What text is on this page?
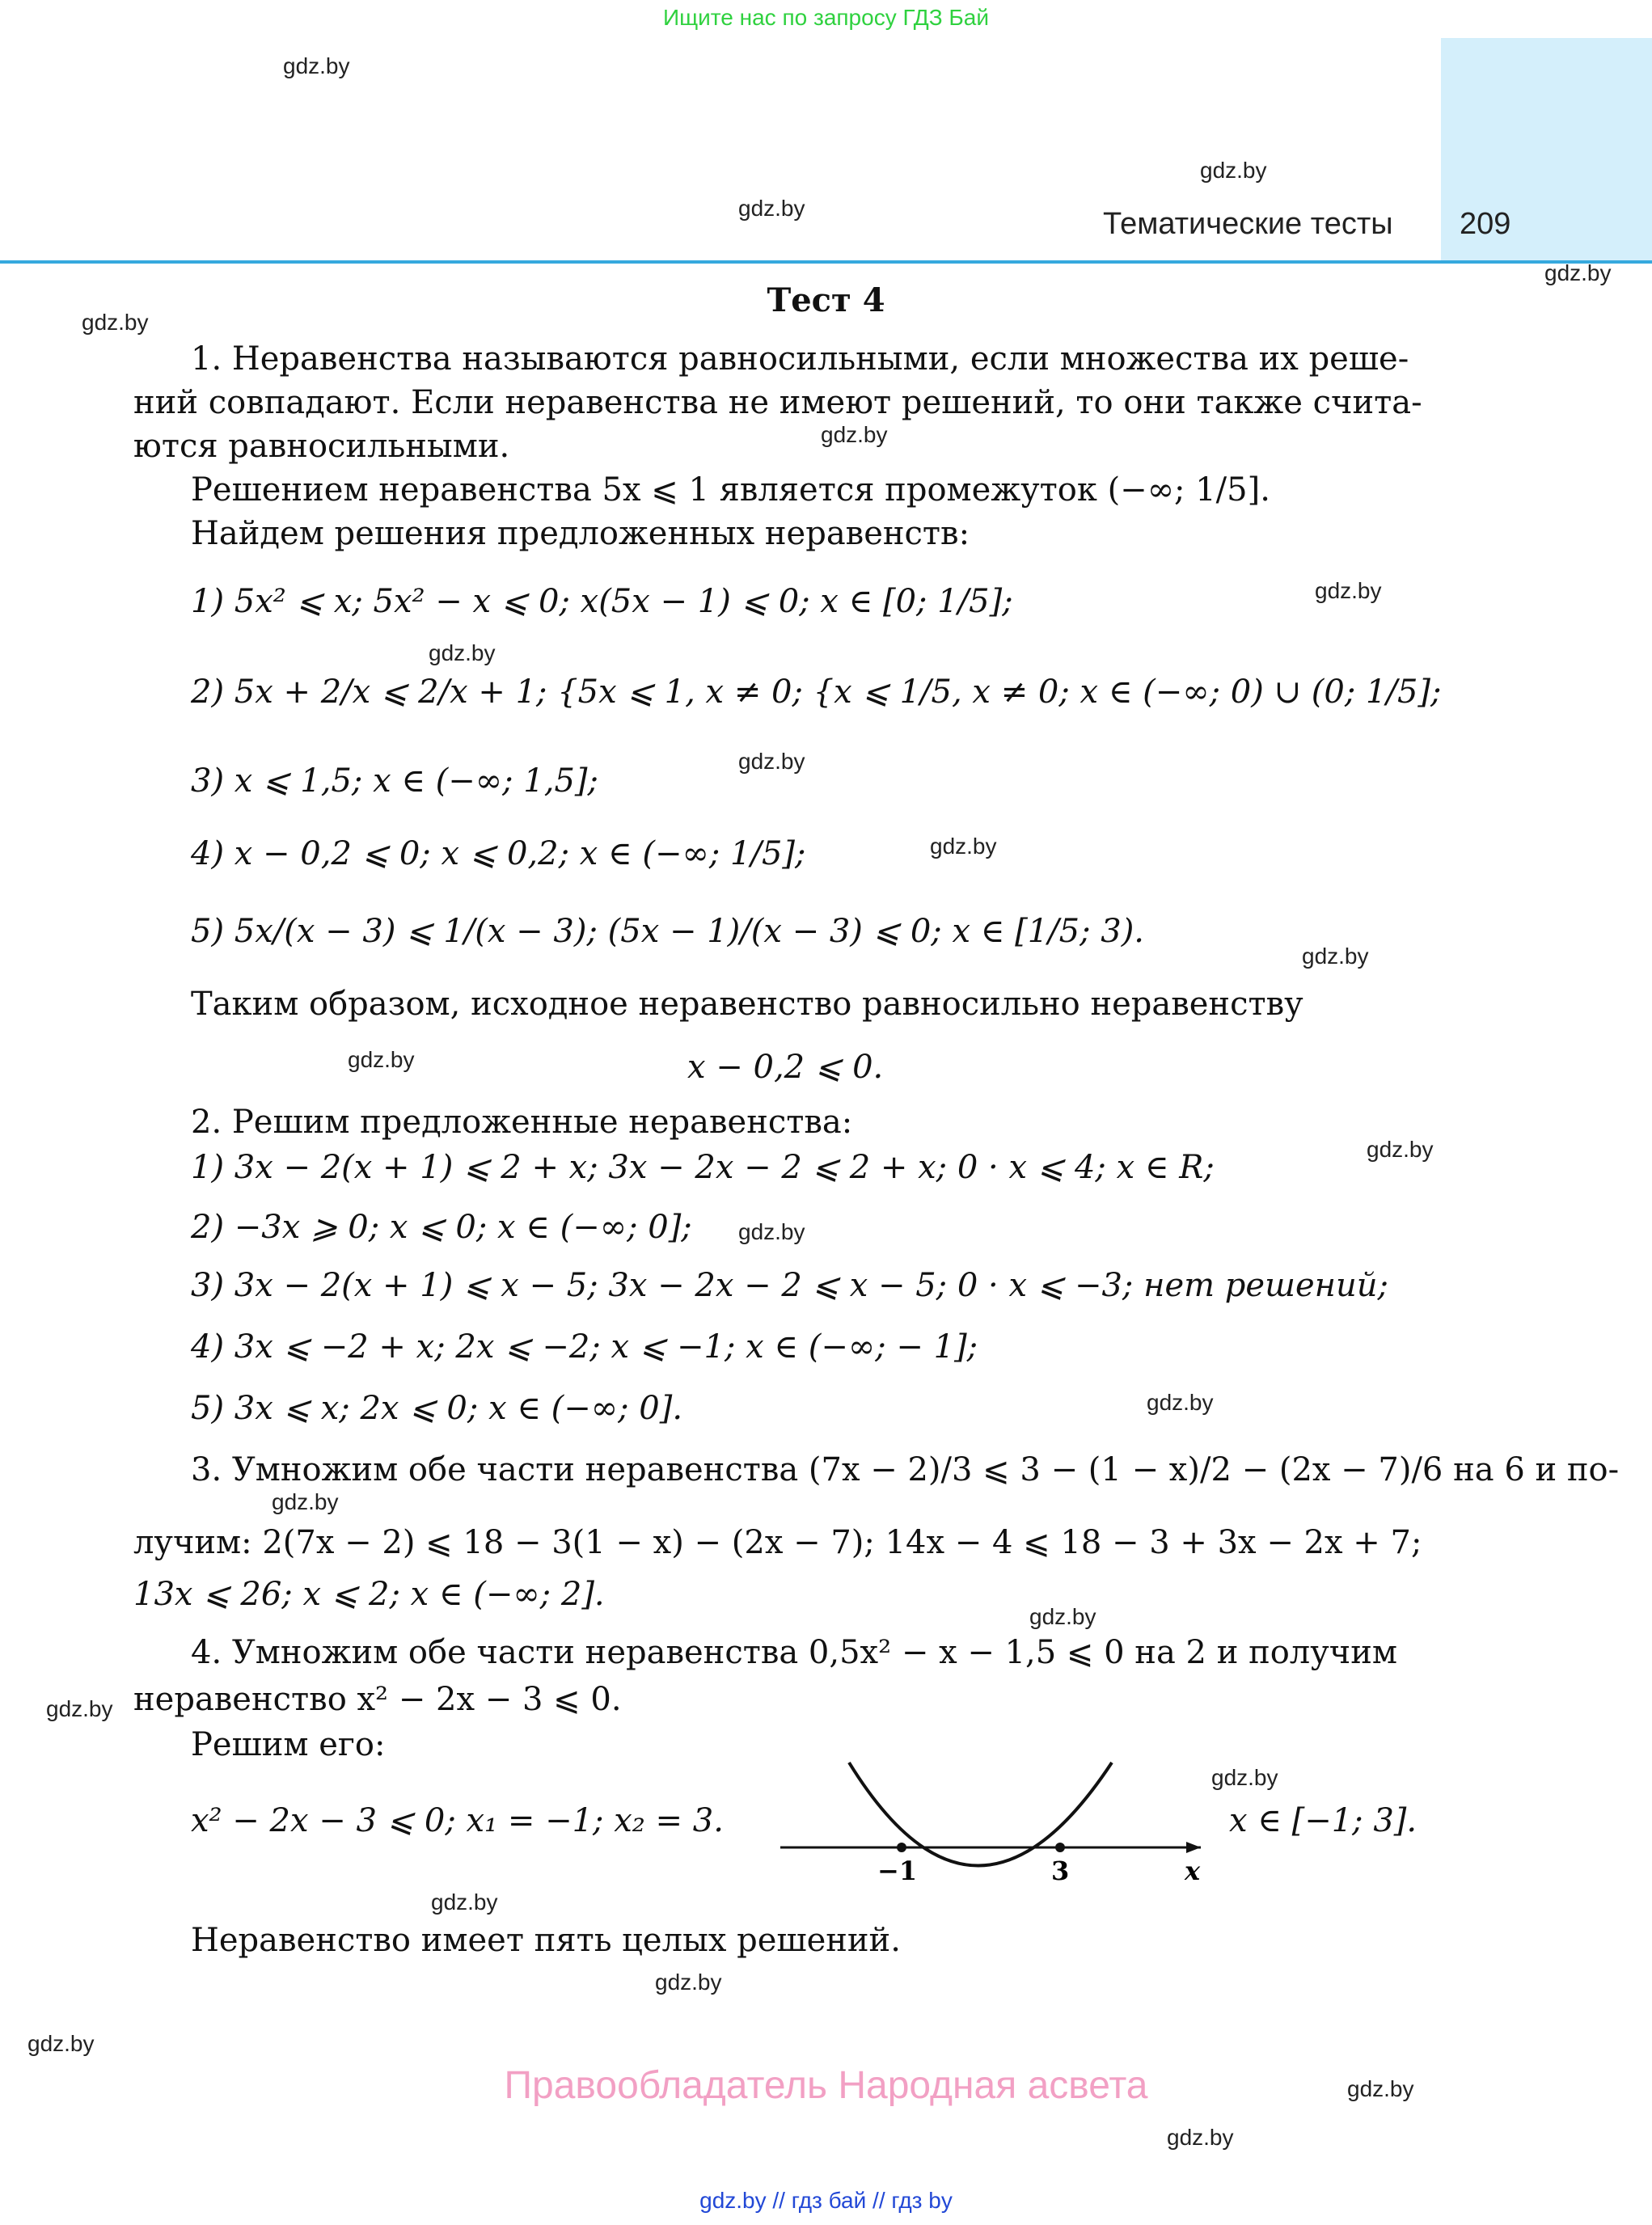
Ищите нас по запросу ГДЗ Бай
Тематические тесты 209
gdz.by
gdz.by
gdz.by
gdz.by
gdz.by
gdz.by
gdz.by
gdz.by
gdz.by
gdz.by
gdz.by
gdz.by
gdz.by
gdz.by
gdz.by
gdz.by
gdz.by
gdz.by
gdz.by
gdz.by
gdz.by
gdz.by
gdz.by
gdz.by
Тест 4
1. Неравенства называются равносильными, если множества их реше-
ний совпадают. Если неравенства не имеют решений, то они также счита-
ются равносильными.
Решением неравенства 5x ⩽ 1 является промежуток (−∞; 1/5].
Найдем решения предложенных неравенств:
1) 5x² ⩽ x; 5x² − x ⩽ 0; x(5x − 1) ⩽ 0; x ∈ [0; 1/5];
2) 5x + 2/x ⩽ 2/x + 1; {5x ⩽ 1, x ≠ 0; {x ⩽ 1/5, x ≠ 0; x ∈ (−∞; 0) ∪ (0; 1/5];
3) x ⩽ 1,5; x ∈ (−∞; 1,5];
4) x − 0,2 ⩽ 0; x ⩽ 0,2; x ∈ (−∞; 1/5];
5) 5x/(x − 3) ⩽ 1/(x − 3); (5x − 1)/(x − 3) ⩽ 0; x ∈ [1/5; 3).
Таким образом, исходное неравенство равносильно неравенству
x − 0,2 ⩽ 0.
2. Решим предложенные неравенства:
1) 3x − 2(x + 1) ⩽ 2 + x; 3x − 2x − 2 ⩽ 2 + x; 0 · x ⩽ 4; x ∈ R;
2) −3x ⩾ 0; x ⩽ 0; x ∈ (−∞; 0];
3) 3x − 2(x + 1) ⩽ x − 5; 3x − 2x − 2 ⩽ x − 5; 0 · x ⩽ −3; нет решений;
4) 3x ⩽ −2 + x; 2x ⩽ −2; x ⩽ −1; x ∈ (−∞; − 1];
5) 3x ⩽ x; 2x ⩽ 0; x ∈ (−∞; 0].
3. Умножим обе части неравенства (7x − 2)/3 ⩽ 3 − (1 − x)/2 − (2x − 7)/6 на 6 и по-
лучим: 2(7x − 2) ⩽ 18 − 3(1 − x) − (2x − 7); 14x − 4 ⩽ 18 − 3 + 3x − 2x + 7;
13x ⩽ 26; x ⩽ 2; x ∈ (−∞; 2].
4. Умножим обе части неравенства 0,5x² − x − 1,5 ⩽ 0 на 2 и получим
неравенство x² − 2x − 3 ⩽ 0.
Решим его:
x² − 2x − 3 ⩽ 0; x₁ = −1; x₂ = 3.	x ∈ [−1; 3].
−1	3	x
Неравенство имеет пять целых решений.
Правообладатель Народная асвета
gdz.by // гдз бай // гдз by
